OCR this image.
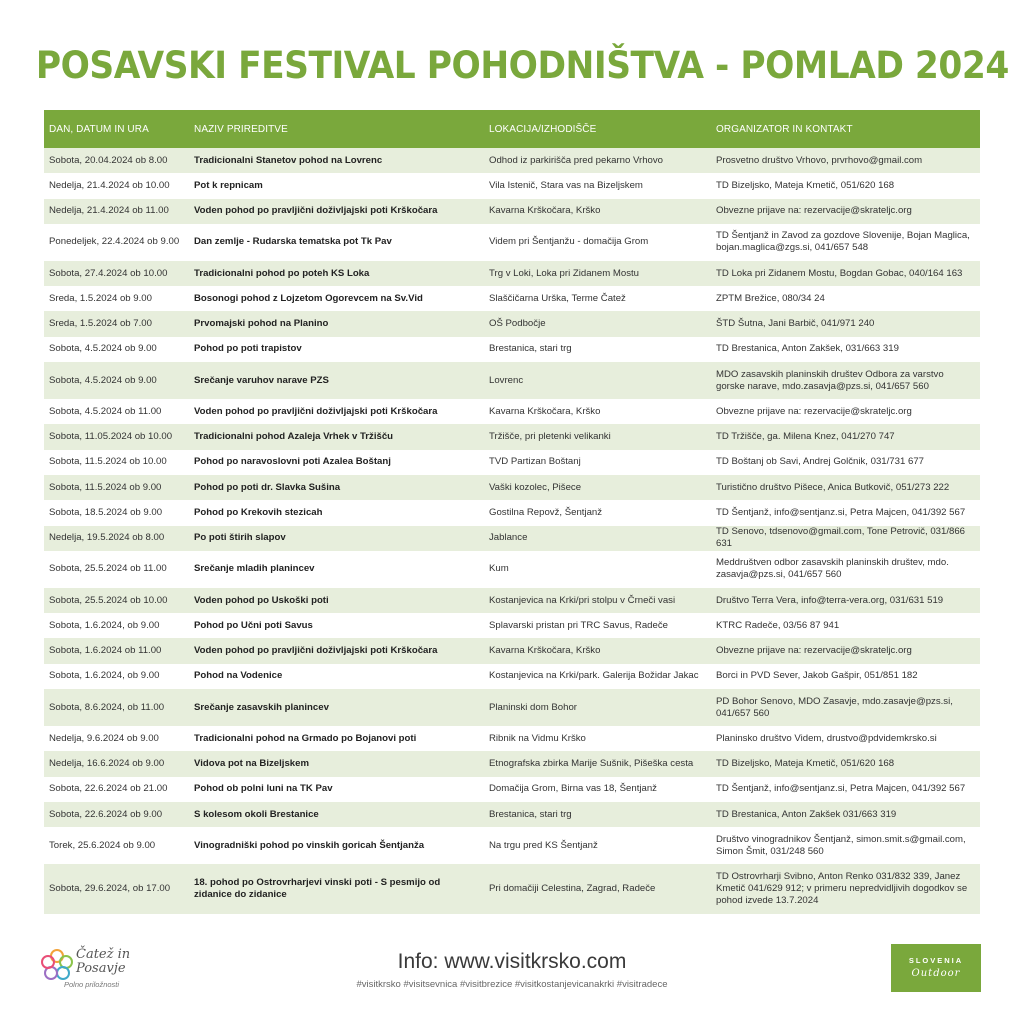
POSAVSKI FESTIVAL POHODNIŠTVA - POMLAD 2024
DAN, DATUM IN URA	NAZIV PRIREDITVE	LOKACIJA/IZHODIŠČE	ORGANIZATOR IN KONTAKT
Sobota, 20.04.2024 ob 8.00	Tradicionalni Stanetov pohod na Lovrenc	Odhod iz parkirišča pred pekarno Vrhovo	Prosvetno društvo Vrhovo, prvrhovo@gmail.com
Nedelja, 21.4.2024 ob 10.00	Pot k repnicam	Vila Istenič, Stara vas na Bizeljskem	TD Bizeljsko, Mateja Kmetič, 051/620 168
Nedelja, 21.4.2024 ob 11.00	Voden pohod po pravljični doživljajski poti Krškočara	Kavarna Krškočara, Krško	Obvezne prijave na: rezervacije@skrateljc.org
Ponedeljek, 22.4.2024 ob 9.00	Dan zemlje - Rudarska tematska pot Tk Pav	Videm pri Šentjanžu - domačija Grom	TD Šentjanž in Zavod za gozdove Slovenije, Bojan Maglica, bojan.maglica@zgs.si, 041/657 548
Sobota, 27.4.2024 ob 10.00	Tradicionalni pohod po poteh KS Loka	Trg v Loki, Loka pri Zidanem Mostu	TD Loka pri Zidanem Mostu, Bogdan Gobac, 040/164 163
Sreda, 1.5.2024 ob 9.00	Bosonogi pohod z Lojzetom Ogorevcem na Sv.Vid	Slaščičarna Urška, Terme Čatež	ZPTM Brežice, 080/34 24
Sreda, 1.5.2024 ob 7.00	Prvomajski pohod na Planino	OŠ Podbočje	ŠTD Šutna, Jani Barbič, 041/971 240
Sobota, 4.5.2024 ob 9.00	Pohod po poti trapistov	Brestanica, stari trg	TD Brestanica, Anton Zakšek, 031/663 319
Sobota, 4.5.2024 ob 9.00	Srečanje varuhov narave PZS	Lovrenc	MDO zasavskih planinskih društev Odbora za varstvo gorske narave, mdo.zasavja@pzs.si, 041/657 560
Sobota, 4.5.2024 ob 11.00	Voden pohod po pravljični doživljajski poti Krškočara	Kavarna Krškočara, Krško	Obvezne prijave na: rezervacije@skrateljc.org
Sobota, 11.05.2024 ob 10.00	Tradicionalni pohod Azaleja Vrhek v Tržišču	Tržišče, pri pletenki velikanki	TD Tržišče, ga. Milena Knez, 041/270 747
Sobota, 11.5.2024 ob 10.00	Pohod po naravoslovni poti Azalea Boštanj	TVD Partizan Boštanj	TD Boštanj ob Savi, Andrej Golčnik, 031/731 677
Sobota, 11.5.2024 ob 9.00	Pohod po poti dr. Slavka Sušina	Vaški kozolec, Pišece	Turistično društvo Pišece, Anica Butkovič, 051/273 222
Sobota, 18.5.2024 ob 9.00	Pohod po Krekovih stezicah	Gostilna Repovž, Šentjanž	TD Šentjanž, info@sentjanz.si, Petra Majcen, 041/392 567
Nedelja, 19.5.2024 ob 8.00	Po poti štirih slapov	Jablance	TD Senovo, tdsenovo@gmail.com, Tone Petrovič, 031/866 631
Sobota, 25.5.2024 ob 11.00	Srečanje mladih planincev	Kum	Meddruštven odbor zasavskih planinskih društev, mdo. zasavja@pzs.si, 041/657 560
Sobota, 25.5.2024 ob 10.00	Voden pohod po Uskoški poti	Kostanjevica na Krki/pri stolpu v Črneči vasi	Društvo Terra Vera, info@terra-vera.org, 031/631 519
Sobota, 1.6.2024, ob 9.00	Pohod po Učni poti Savus	Splavarski pristan pri TRC Savus, Radeče	KTRC Radeče, 03/56 87 941
Sobota, 1.6.2024 ob 11.00	Voden pohod po pravljični doživljajski poti Krškočara	Kavarna Krškočara, Krško	Obvezne prijave na: rezervacije@skrateljc.org
Sobota, 1.6.2024, ob 9.00	Pohod na Vodenice	Kostanjevica na Krki/park. Galerija Božidar Jakac	Borci in PVD Sever, Jakob Gašpir, 051/851 182
Sobota, 8.6.2024, ob 11.00	Srečanje zasavskih planincev	Planinski dom Bohor	PD Bohor Senovo, MDO Zasavje, mdo.zasavje@pzs.si, 041/657 560
Nedelja, 9.6.2024 ob 9.00	Tradicionalni pohod na Grmado po Bojanovi poti	Ribnik na Vidmu Krško	Planinsko društvo Videm, drustvo@pdvidemkrsko.si
Nedelja, 16.6.2024 ob 9.00	Vidova pot na Bizeljskem	Etnografska zbirka Marije Sušnik, Pišeška cesta	TD Bizeljsko, Mateja Kmetič, 051/620 168
Sobota, 22.6.2024 ob 21.00	Pohod ob polni luni na TK Pav	Domačija Grom, Birna vas 18, Šentjanž	TD Šentjanž, info@sentjanz.si, Petra Majcen, 041/392 567
Sobota, 22.6.2024 ob 9.00	S kolesom okoli Brestanice	Brestanica, stari trg	TD Brestanica, Anton Zakšek 031/663 319
Torek, 25.6.2024 ob 9.00	Vinogradniški pohod po vinskih goricah Šentjanža	Na trgu pred KS Šentjanž	Društvo vinogradnikov Šentjanž, simon.smit.s@gmail.com, Simon Šmit, 031/248 560
Sobota, 29.6.2024, ob 17.00	18. pohod po Ostrovrharjevi vinski poti - S pesmijo od zidanice do zidanice	Pri domačiji Celestina, Zagrad, Radeče	TD Ostrovrharji Svibno, Anton Renko 031/832 339, Janez Kmetič 041/629 912; v primeru nepredvidljivih dogodkov se pohod izvede 13.7.2024
Čatež in
Posavje
Polno priložnosti
Info: www.visitkrsko.com
#visitkrsko #visitsevnica #visitbrezice #visitkostanjevicanakrki #visitradece
SLOVENIA
Outdoor
